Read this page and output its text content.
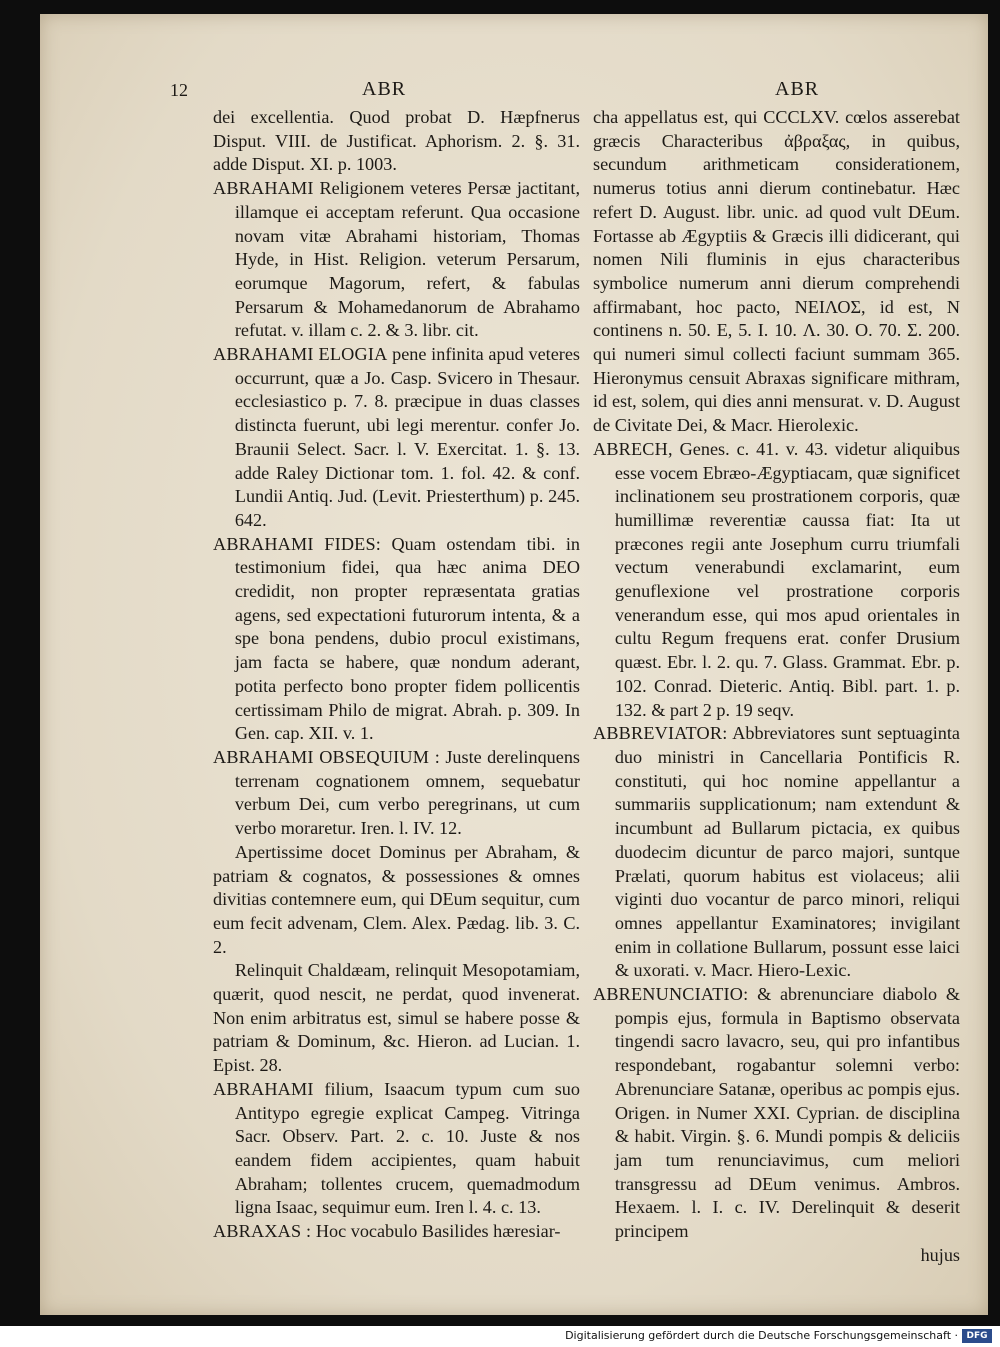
12	ABR	ABR

dei excellentia. Quod probat D. Hæpfnerus Disput. VIII. de Justificat. Aphorism. 2. §. 31. adde Disput. XI. p. 1003.

ABRAHAMI Religionem veteres Persæ jactitant, illamque ei acceptam referunt. Qua occasione novam vitæ Abrahami historiam, Thomas Hyde, in Hist. Religion. veterum Persarum, eorumque Magorum, refert, & fabulas Persarum & Mohamedanorum de Abrahamo refutat. v. illam c. 2. & 3. libr. cit.

ABRAHAMI ELOGIA pene infinita apud veteres occurrunt, quæ a Jo. Casp. Svicero in Thesaur. ecclesiastico p. 7. 8. præcipue in duas classes distincta fuerunt, ubi legi merentur. confer Jo. Braunii Select. Sacr. l. V. Exercitat. 1. §. 13. adde Raley Dictionar tom. 1. fol. 42. & conf. Lundii Antiq. Jud. (Levit. Priesterthum) p. 245. 642.

ABRAHAMI FIDES: Quam ostendam tibi. in testimonium fidei, qua hæc anima DEO credidit, non propter repræsentata gratias agens, sed expectationi futurorum intenta, & a spe bona pendens, dubio procul existimans, jam facta se habere, quæ nondum aderant, potita perfecto bono propter fidem pollicentis certissimam Philo de migrat. Abrah. p. 309. In Gen. cap. XII. v. 1.

ABRAHAMI OBSEQUIUM : Juste derelinquens terrenam cognationem omnem, sequebatur verbum Dei, cum verbo peregrinans, ut cum verbo moraretur. Iren. l. IV. 12.

Apertissime docet Dominus per Abraham, & patriam & cognatos, & possessiones & omnes divitias contemnere eum, qui DEum sequitur, cum eum fecit advenam, Clem. Alex. Pædag. lib. 3. C. 2.

Relinquit Chaldæam, relinquit Mesopotamiam, quærit, quod nescit, ne perdat, quod invenerat. Non enim arbitratus est, simul se habere posse & patriam & Dominum, &c. Hieron. ad Lucian. 1. Epist. 28.

ABRAHAMI filium, Isaacum typum cum suo Antitypo egregie explicat Campeg. Vitringa Sacr. Observ. Part. 2. c. 10. Juste & nos eandem fidem accipientes, quam habuit Abraham; tollentes crucem, quemadmodum ligna Isaac, sequimur eum. Iren l. 4. c. 13.

ABRAXAS : Hoc vocabulo Basilides hæresiar-

cha appellatus est, qui CCCLXV. cœlos asserebat græcis Characteribus ἀβραξας, in quibus, secundum arithmeticam considerationem, numerus totius anni dierum continebatur. Hæc refert D. August. libr. unic. ad quod vult DEum. Fortasse ab Ægyptiis & Græcis illi didicerant, qui nomen Nili fluminis in ejus characteribus symbolice numerum anni dierum comprehendi affirmabant, hoc pacto, ΝΕΙΛΟΣ, id est, N continens n. 50. E, 5. I. 10. Λ. 30. O. 70. Σ. 200. qui numeri simul collecti faciunt summam 365. Hieronymus censuit Abraxas significare mithram, id est, solem, qui dies anni mensurat. v. D. August de Civitate Dei, & Macr. Hierolexic.

ABRECH, Genes. c. 41. v. 43. videtur aliquibus esse vocem Ebræo-Ægyptiacam, quæ significet inclinationem seu prostrationem corporis, quæ humillimæ reverentiæ caussa fiat: Ita ut præcones regii ante Josephum curru triumfali vectum venerabundi exclamarint, eum genuflexione vel prostratione corporis venerandum esse, qui mos apud orientales in cultu Regum frequens erat. confer Drusium quæst. Ebr. l. 2. qu. 7. Glass. Grammat. Ebr. p. 102. Conrad. Dieteric. Antiq. Bibl. part. 1. p. 132. & part 2 p. 19 seqv.

ABBREVIATOR: Abbreviatores sunt septuaginta duo ministri in Cancellaria Pontificis R. constituti, qui hoc nomine appellantur a summariis supplicationum; nam extendunt & incumbunt ad Bullarum pictacia, ex quibus duodecim dicuntur de parco majori, suntque Prælati, quorum habitus est violaceus; alii viginti duo vocantur de parco minori, reliqui omnes appellantur Examinatores; invigilant enim in collatione Bullarum, possunt esse laici & uxorati. v. Macr. Hiero-Lexic.

ABRENUNCIATIO: & abrenunciare diabolo & pompis ejus, formula in Baptismo observata tingendi sacro lavacro, seu, qui pro infantibus respondebant, rogabantur solemni verbo: Abrenunciare Satanæ, operibus ac pompis ejus. Origen. in Numer XXI. Cyprian. de disciplina & habit. Virgin. §. 6. Mundi pompis & deliciis jam tum renunciavimus, cum meliori transgressu ad DEum venimus. Ambros. Hexaem. l. I. c. IV. Derelinquit & deserit principem

hujus

Digitalisierung gefördert durch die Deutsche Forschungsgemeinschaft · DFG
